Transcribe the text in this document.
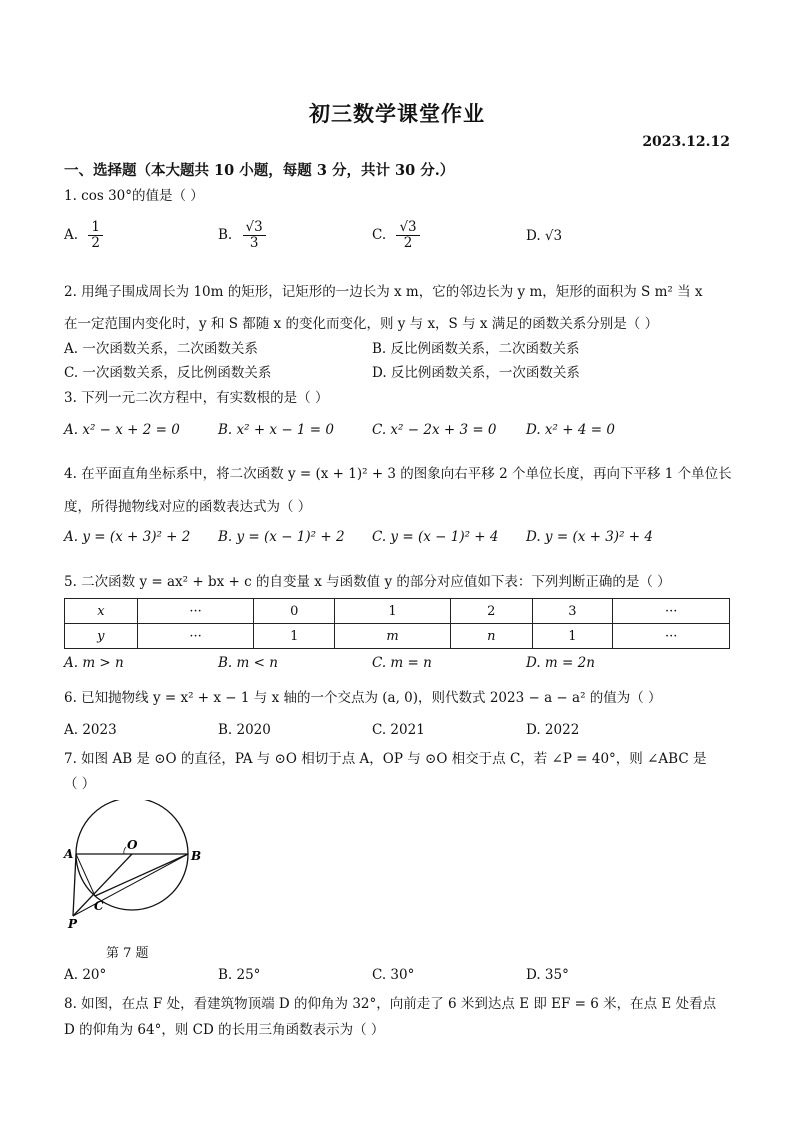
初三数学课堂作业
2023.12.12
一、选择题（本大题共 10 小题，每题 3 分，共计 30 分.）
1. cos 30°的值是（ ）
A. $\frac{1}{2}$	B. $\frac{√3}{3}$	C. $\frac{√3}{2}$	D. √3
2. 用绳子围成周长为 10m 的矩形，记矩形的一边长为 x m，它的邻边长为 y m，矩形的面积为 S m² 当 x
在一定范围内变化时，y 和 S 都随 x 的变化而变化，则 y 与 x，S 与 x 满足的函数关系分别是（ ）
A. 一次函数关系，二次函数关系	B. 反比例函数关系，二次函数关系
C. 一次函数关系，反比例函数关系	D. 反比例函数关系，一次函数关系
3. 下列一元二次方程中，有实数根的是（ ）
A. x² − x + 2 = 0	B. x² + x − 1 = 0	C. x² − 2x + 3 = 0 D. x² + 4 = 0
4. 在平面直角坐标系中，将二次函数 y = (x + 1)² + 3 的图象向右平移 2 个单位长度，再向下平移 1 个单位长
度，所得抛物线对应的函数表达式为（ ）
A. y = (x + 3)² + 2 B. y = (x − 1)² + 2 C. y = (x − 1)² + 4 D. y = (x + 3)² + 4
5. 二次函数 y = ax² + bx + c 的自变量 x 与函数值 y 的部分对应值如下表：下列判断正确的是（ ）
x	···	0	1	2	3	···
y	···	1	m	n	1	···
A. m > n	B. m < n	C. m = n	D. m = 2n
6. 已知抛物线 y = x² + x − 1 与 x 轴的一个交点为 (a, 0)，则代数式 2023 − a − a² 的值为（ ）
A. 2023	B. 2020	C. 2021	D. 2022
7. 如图 AB 是 ⊙O 的直径，PA 与 ⊙O 相切于点 A，OP 与 ⊙O 相交于点 C，若 ∠P = 40°，则 ∠ABC 是
（ ）
A	B
O
C
P
第 7 题
A. 20°	B. 25°	C. 30°	D. 35°
8. 如图，在点 F 处，看建筑物顶端 D 的仰角为 32°，向前走了 6 米到达点 E 即 EF = 6 米，在点 E 处看点
D 的仰角为 64°，则 CD 的长用三角函数表示为（ ）
